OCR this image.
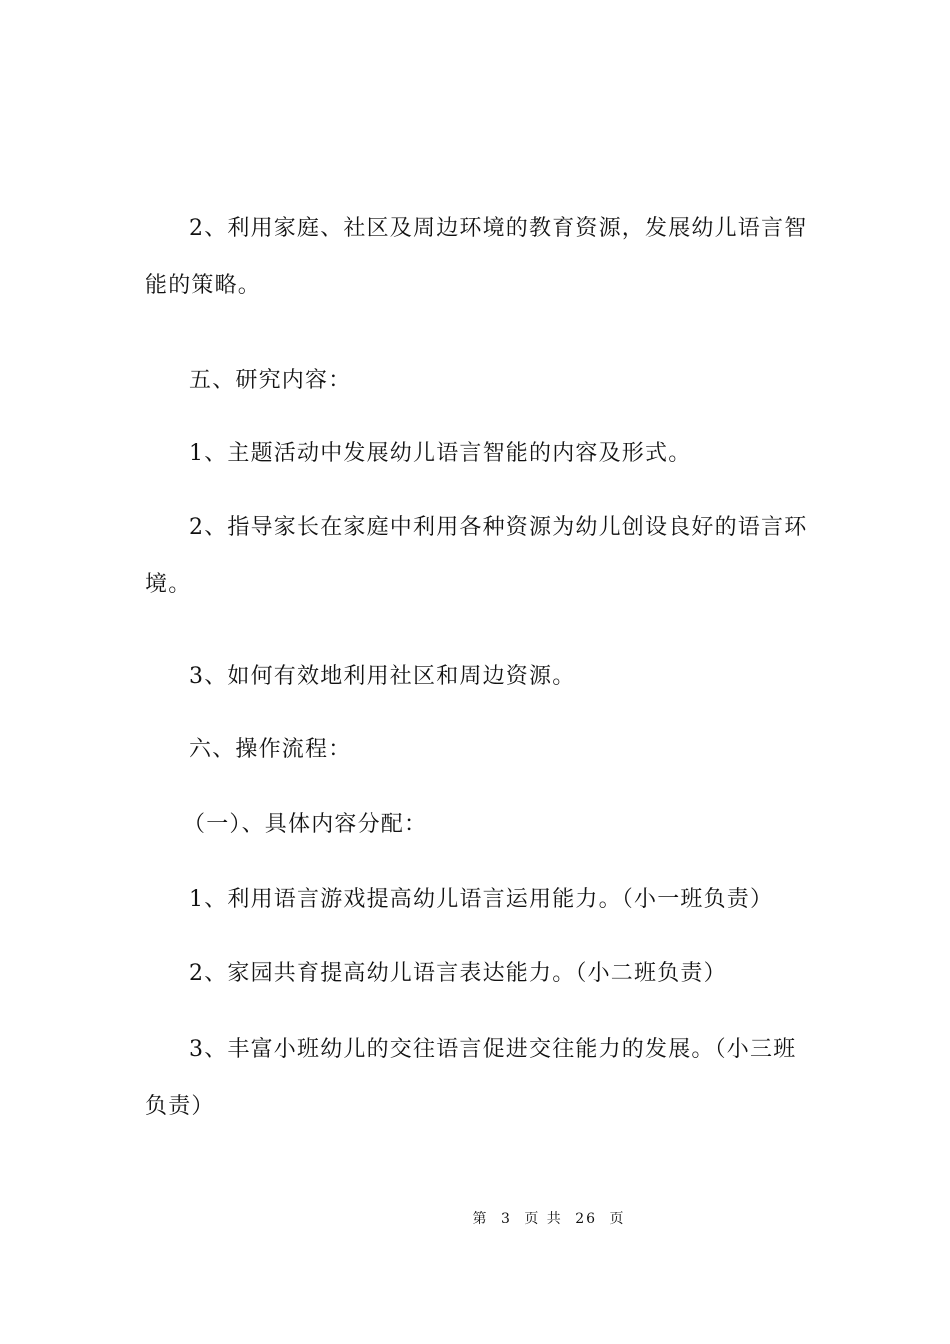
2、利用家庭、社区及周边环境的教育资源，发展幼儿语言智能的策略。

五、研究内容：

1、主题活动中发展幼儿语言智能的内容及形式。

2、指导家长在家庭中利用各种资源为幼儿创设良好的语言环境。

3、如何有效地利用社区和周边资源。

六、操作流程：

（一）、具体内容分配：

1、利用语言游戏提高幼儿语言运用能力。（小一班负责）

2、家园共育提高幼儿语言表达能力。（小二班负责）

3、丰富小班幼儿的交往语言促进交往能力的发展。（小三班负责）

第 3 页 共 26 页
